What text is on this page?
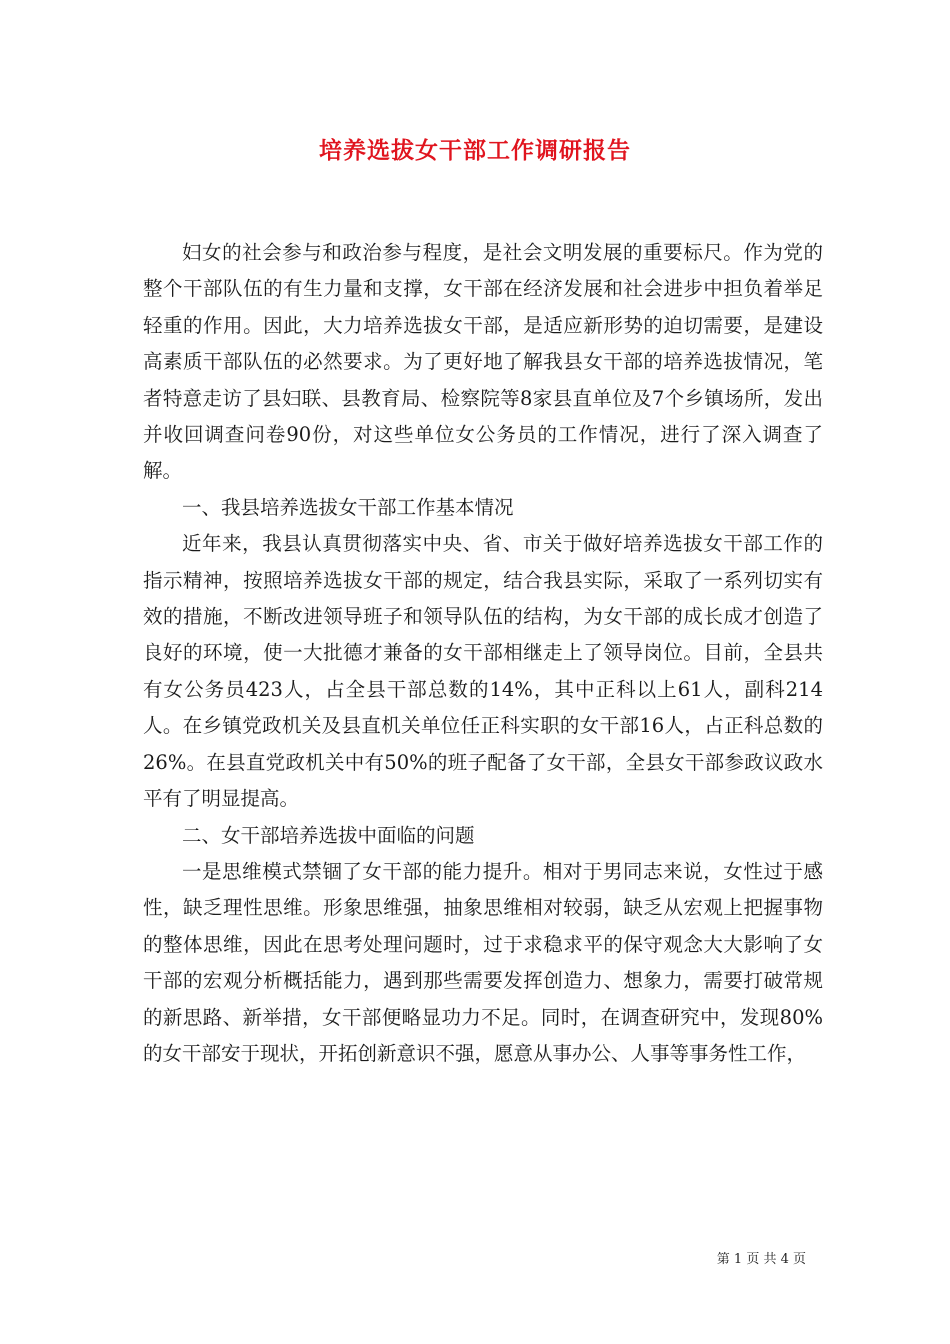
培养选拔女干部工作调研报告

妇女的社会参与和政治参与程度，是社会文明发展的重要标尺。作为党的整个干部队伍的有生力量和支撑，女干部在经济发展和社会进步中担负着举足轻重的作用。因此，大力培养选拔女干部，是适应新形势的迫切需要，是建设高素质干部队伍的必然要求。为了更好地了解我县女干部的培养选拔情况，笔者特意走访了县妇联、县教育局、检察院等8家县直单位及7个乡镇场所，发出并收回调查问卷90份，对这些单位女公务员的工作情况，进行了深入调查了解。

一、我县培养选拔女干部工作基本情况

近年来，我县认真贯彻落实中央、省、市关于做好培养选拔女干部工作的指示精神，按照培养选拔女干部的规定，结合我县实际，采取了一系列切实有效的措施，不断改进领导班子和领导队伍的结构，为女干部的成长成才创造了良好的环境，使一大批德才兼备的女干部相继走上了领导岗位。目前，全县共有女公务员423人，占全县干部总数的14%，其中正科以上61人，副科214人。在乡镇党政机关及县直机关单位任正科实职的女干部16人，占正科总数的26%。在县直党政机关中有50%的班子配备了女干部，全县女干部参政议政水平有了明显提高。

二、女干部培养选拔中面临的问题

一是思维模式禁锢了女干部的能力提升。相对于男同志来说，女性过于感性，缺乏理性思维。形象思维强，抽象思维相对较弱，缺乏从宏观上把握事物的整体思维，因此在思考处理问题时，过于求稳求平的保守观念大大影响了女干部的宏观分析概括能力，遇到那些需要发挥创造力、想象力，需要打破常规的新思路、新举措，女干部便略显功力不足。同时，在调查研究中，发现80%的女干部安于现状，开拓创新意识不强，愿意从事办公、人事等事务性工作，

第 1 页 共 4 页
